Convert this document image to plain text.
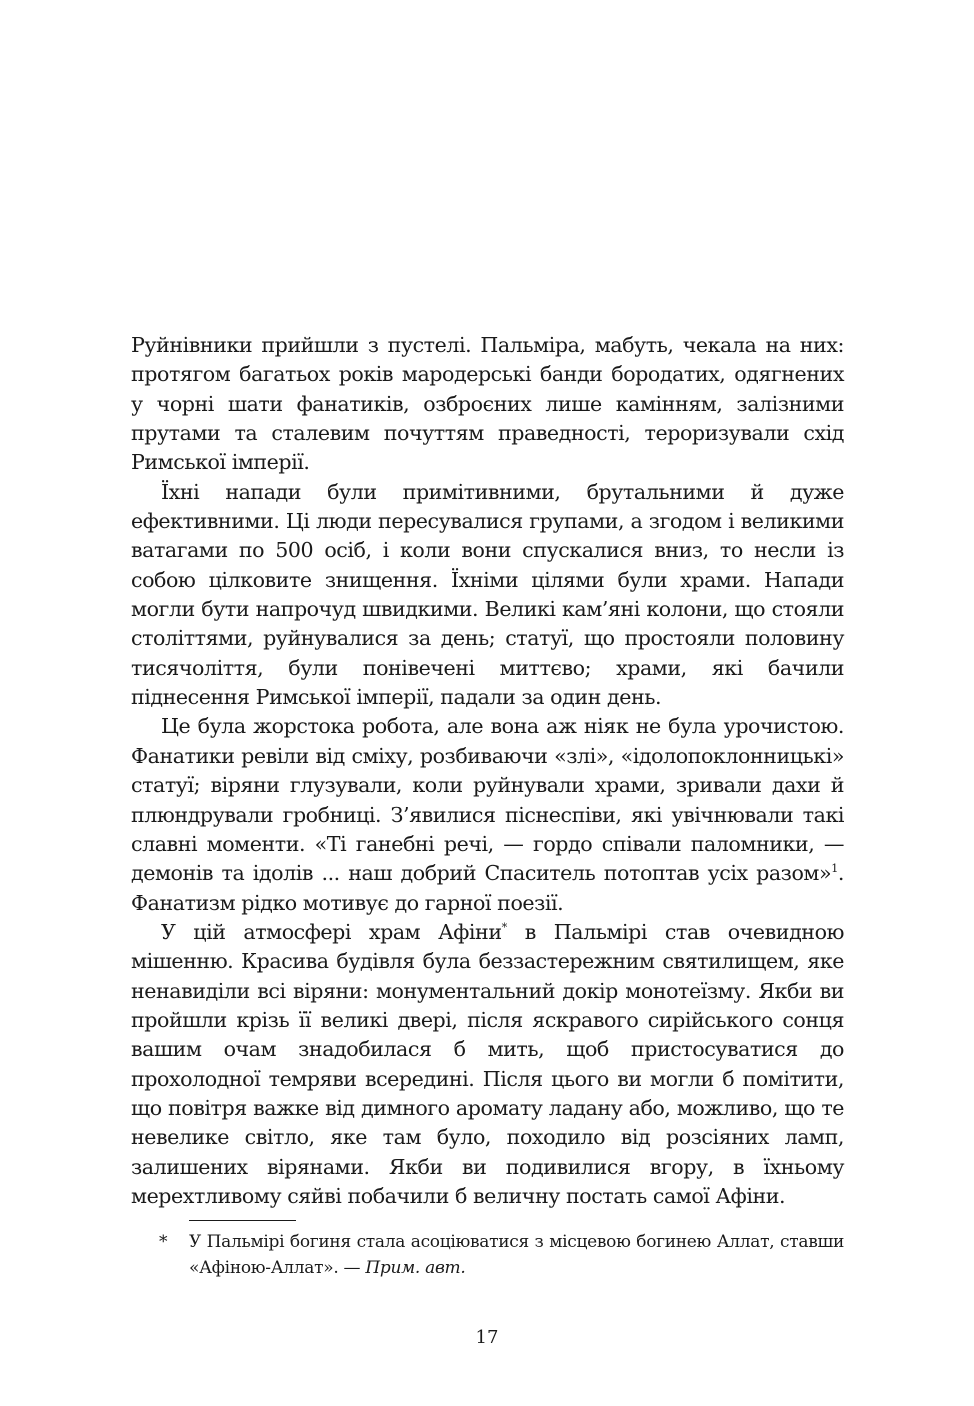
Руйнівники прийшли з пустелі. Пальміра, мабуть, чекала на них: протягом багатьох років мародерські банди бородатих, одягнених у чорні шати фанатиків, озброєних лише камінням, залізними прутами та сталевим почуттям праведності, тероризували схід Римської імперії.

Їхні напади були примітивними, брутальними й дуже ефективними. Ці люди пересувалися групами, а згодом і великими ватагами по 500 осіб, і коли вони спускалися вниз, то несли із собою цілковите знищення. Їхніми цілями були храми. Напади могли бути напрочуд швидкими. Великі кам’яні колони, що стояли століттями, руйнувалися за день; статуї, що простояли половину тисячоліття, були понівечені миттєво; храми, які бачили піднесення Римської імперії, падали за один день.

Це була жорстока робота, але вона аж ніяк не була урочистою. Фанатики ревіли від сміху, розбиваючи «злі», «ідолопоклонницькі» статуї; віряни глузували, коли руйнували храми, зривали дахи й плюндрували гробниці. З’явилися піснеспіви, які увічнювали такі славні моменти. «Ті ганебні речі, — гордо співали паломники, — демонів та ідолів ... наш добрий Спаситель потоптав усіх разом»$^1$. Фанатизм рідко мотивує до гарної поезії.

У цій атмосфері храм Афіни* в Пальмірі став очевидною мішенню. Красива будівля була беззастережним святилищем, яке ненавиділи всі віряни: монументальний докір монотеїзму. Якби ви пройшли крізь її великі двері, після яскравого сирійського сонця вашим очам знадобилася б мить, щоб пристосуватися до прохолодної темряви всередині. Після цього ви могли б помітити, що повітря важке від димного аромату ладану або, можливо, що те невелике світло, яке там було, походило від розсіяних ламп, залишених вірянами. Якби ви подивилися вгору, в їхньому мерехтливому сяйві побачили б величну постать самої Афіни.

* У Пальмірі богиня стала асоціюватися з місцевою богинею Аллат, ставши «Афіною-Аллат». — Прим. авт.
17
